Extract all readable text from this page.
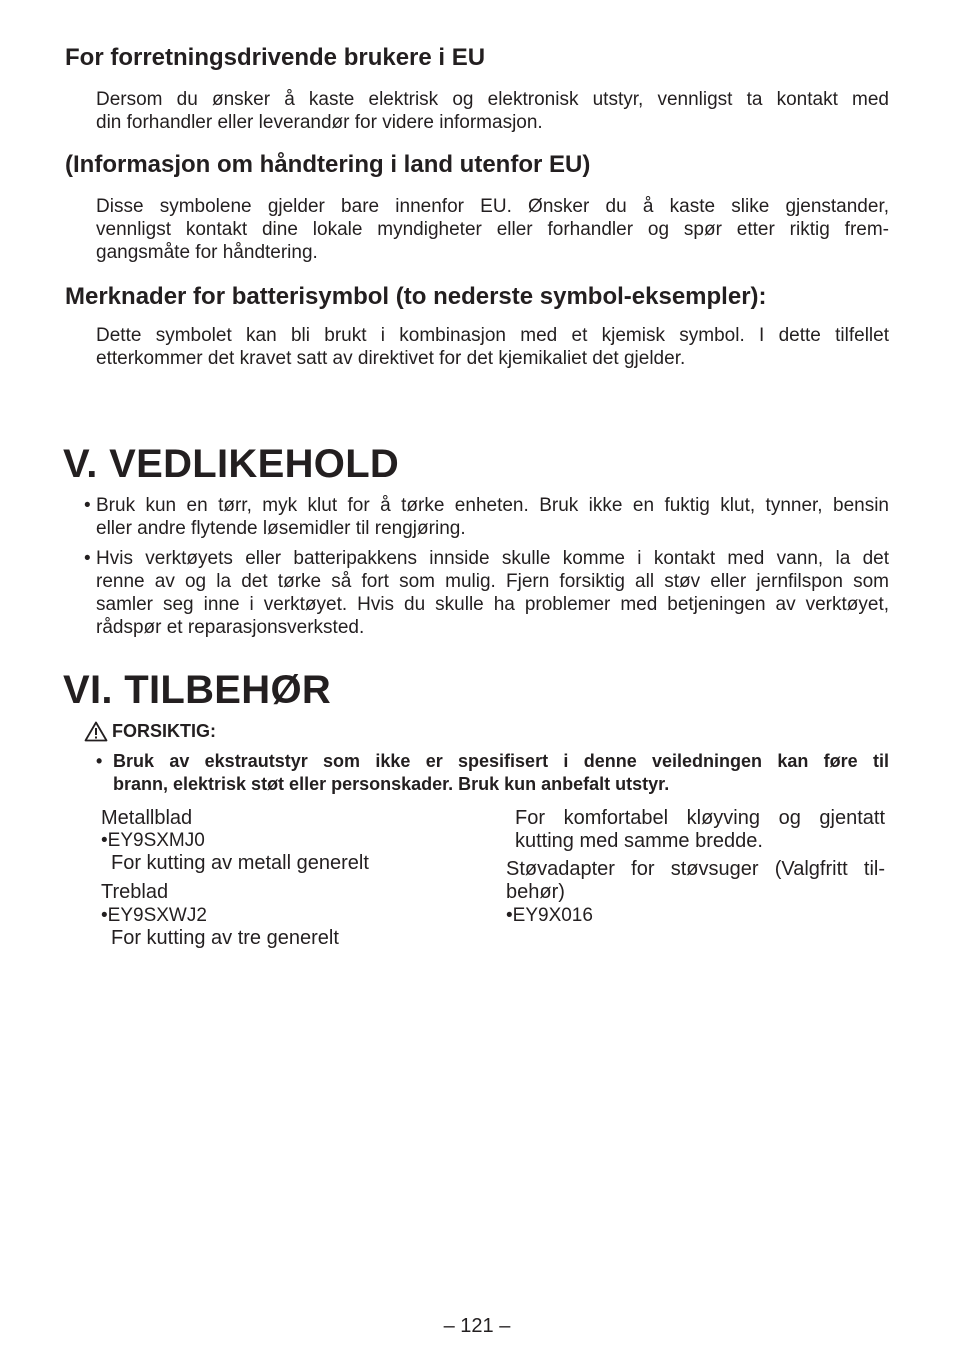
For forretningsdrivende brukere i EU
Dersom du ønsker å kaste elektrisk og elektronisk utstyr, vennligst ta kontakt med
din forhandler eller leverandør for videre informasjon.
(Informasjon om håndtering i land utenfor EU)
Disse symbolene gjelder bare innenfor EU. Ønsker du å kaste slike gjenstander,
vennligst kontakt dine lokale myndigheter eller forhandler og spør etter riktig frem-
gangsmåte for håndtering.
Merknader for batterisymbol (to nederste symbol-eksempler):
Dette symbolet kan bli brukt i kombinasjon med et kjemisk symbol. I dette tilfellet
etterkommer det kravet satt av direktivet for det kjemikaliet det gjelder.
V. VEDLIKEHOLD
• Bruk kun en tørr, myk klut for å tørke enheten. Bruk ikke en fuktig klut, tynner, bensin
eller andre flytende løsemidler til rengjøring.
• Hvis verktøyets eller batteripakkens innside skulle komme i kontakt med vann, la det
renne av og la det tørke så fort som mulig. Fjern forsiktig all støv eller jernfilspon som
samler seg inne i verktøyet. Hvis du skulle ha problemer med betjeningen av verktøyet,
rådspør et reparasjonsverksted.
VI. TILBEHØR
FORSIKTIG:
• Bruk av ekstrautstyr som ikke er spesifisert i denne veiledningen kan føre til
brann, elektrisk støt eller personskader. Bruk kun anbefalt utstyr.
Metallblad
•EY9SXMJ0
For kutting av metall generelt
Treblad
•EY9SXWJ2
For kutting av tre generelt
For komfortabel kløyving og gjentatt
kutting med samme bredde.
Støvadapter for støvsuger (Valgfritt til-
behør)
•EY9X016
– 121 –
